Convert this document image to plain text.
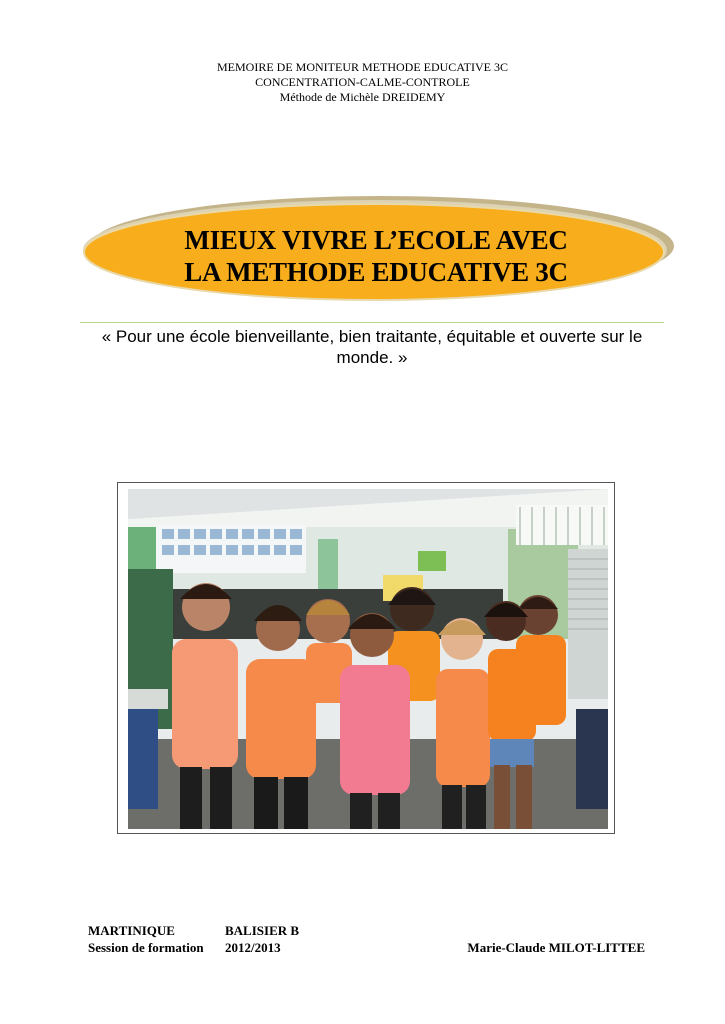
MEMOIRE DE MONITEUR METHODE EDUCATIVE 3C
CONCENTRATION-CALME-CONTROLE
Méthode de Michèle DREIDEMY
MIEUX VIVRE L’ECOLE AVEC
LA METHODE EDUCATIVE 3C
« Pour une école bienveillante, bien traitante, équitable et ouverte sur le monde. »
MARTINIQUE	BALISIER B
Session de formation 2012/2013	Marie-Claude MILOT-LITTEE
